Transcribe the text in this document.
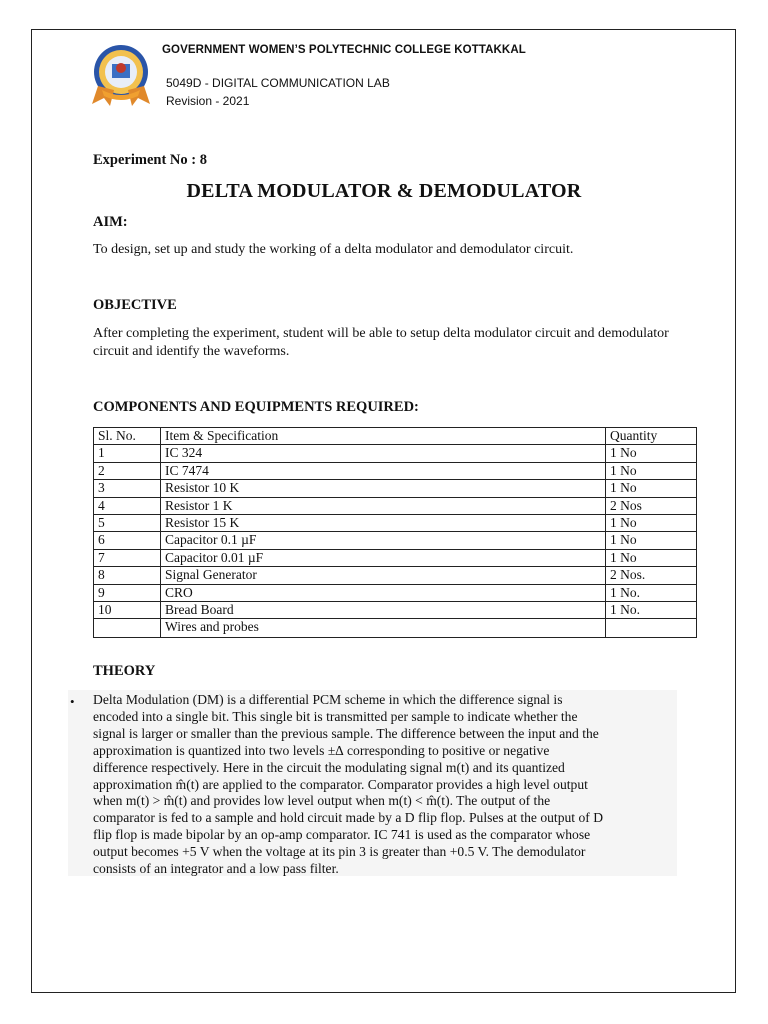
GOVERNMENT WOMEN’S POLYTECHNIC COLLEGE KOTTAKKAL
5049D - DIGITAL COMMUNICATION LAB
Revision - 2021
Experiment No : 8
DELTA MODULATOR & DEMODULATOR
AIM:
To design, set up and study the working of a delta modulator and demodulator circuit.
OBJECTIVE
After completing the experiment, student will be able to setup delta modulator circuit and demodulator circuit and identify the waveforms.
COMPONENTS AND EQUIPMENTS REQUIRED:
Sl. No.	Item & Specification	Quantity
1	IC 324	1 No
2	IC 7474	1 No
3	Resistor 10 K	1 No
4	Resistor 1 K	2 Nos
5	Resistor 15 K	1 No
6	Capacitor 0.1 µF	1 No
7	Capacitor 0.01 µF	1 No
8	Signal Generator	2 Nos.
9	CRO	1 No.
10	Bread Board	1 No.
	Wires and probes	
THEORY
• Delta Modulation (DM) is a differential PCM scheme in which the difference signal is
encoded into a single bit. This single bit is transmitted per sample to indicate whether the
signal is larger or smaller than the previous sample. The difference between the input and the
approximation is quantized into two levels ±∆ corresponding to positive or negative
difference respectively. Here in the circuit the modulating signal m(t) and its quantized
approximation m̂(t) are applied to the comparator. Comparator provides a high level output
when m(t) > m̂(t) and provides low level output when m(t) < m̂(t). The output of the
comparator is fed to a sample and hold circuit made by a D flip flop. Pulses at the output of D
flip flop is made bipolar by an op-amp comparator. IC 741 is used as the comparator whose
output becomes +5 V when the voltage at its pin 3 is greater than +0.5 V. The demodulator
consists of an integrator and a low pass filter.
